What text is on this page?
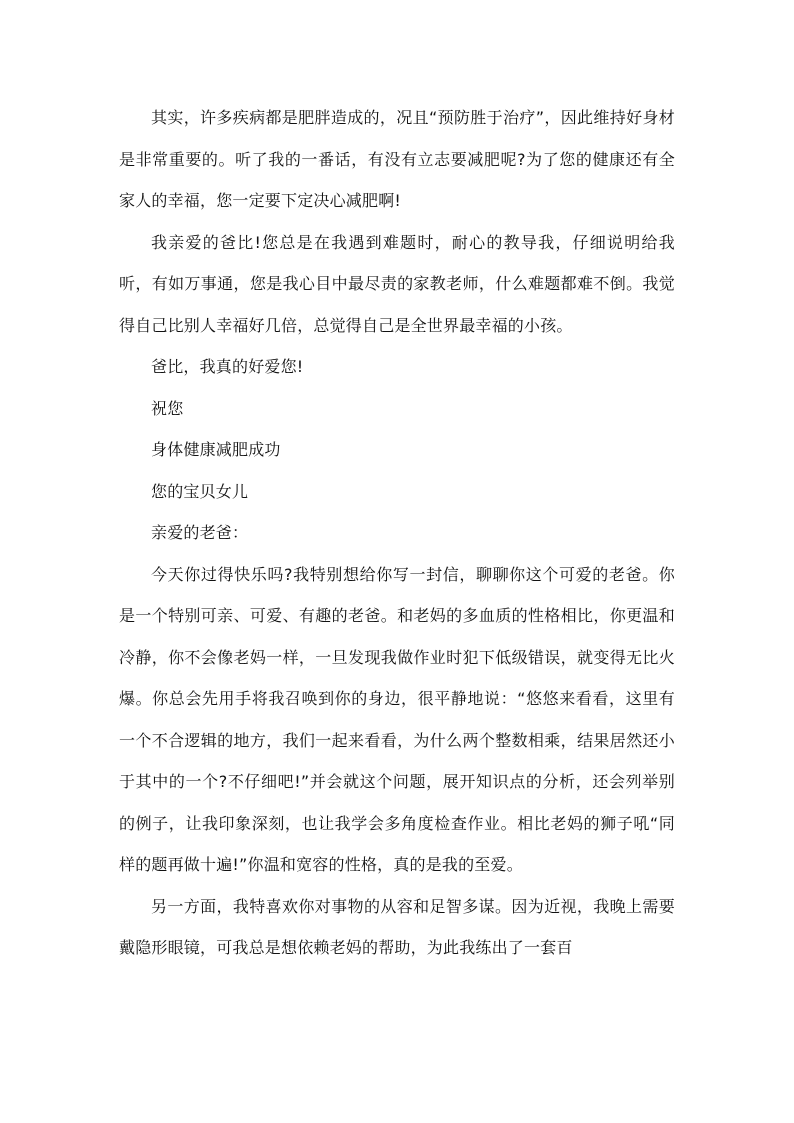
其实，许多疾病都是肥胖造成的，况且“预防胜于治疗”，因此维持好身材是非常重要的。听了我的一番话，有没有立志要减肥呢?为了您的健康还有全家人的幸福，您一定要下定决心减肥啊!

我亲爱的爸比!您总是在我遇到难题时，耐心的教导我，仔细说明给我听，有如万事通，您是我心目中最尽责的家教老师，什么难题都难不倒。我觉得自己比别人幸福好几倍，总觉得自己是全世界最幸福的小孩。

爸比，我真的好爱您!

祝您

身体健康减肥成功

您的宝贝女儿

亲爱的老爸：

今天你过得快乐吗?我特别想给你写一封信，聊聊你这个可爱的老爸。你是一个特别可亲、可爱、有趣的老爸。和老妈的多血质的性格相比，你更温和冷静，你不会像老妈一样，一旦发现我做作业时犯下低级错误，就变得无比火爆。你总会先用手将我召唤到你的身边，很平静地说：“悠悠来看看，这里有一个不合逻辑的地方，我们一起来看看，为什么两个整数相乘，结果居然还小于其中的一个?不仔细吧!”并会就这个问题，展开知识点的分析，还会列举别的例子，让我印象深刻，也让我学会多角度检查作业。相比老妈的狮子吼“同样的题再做十遍!”你温和宽容的性格，真的是我的至爱。

另一方面，我特喜欢你对事物的从容和足智多谋。因为近视，我晚上需要戴隐形眼镜，可我总是想依赖老妈的帮助，为此我练出了一套百
